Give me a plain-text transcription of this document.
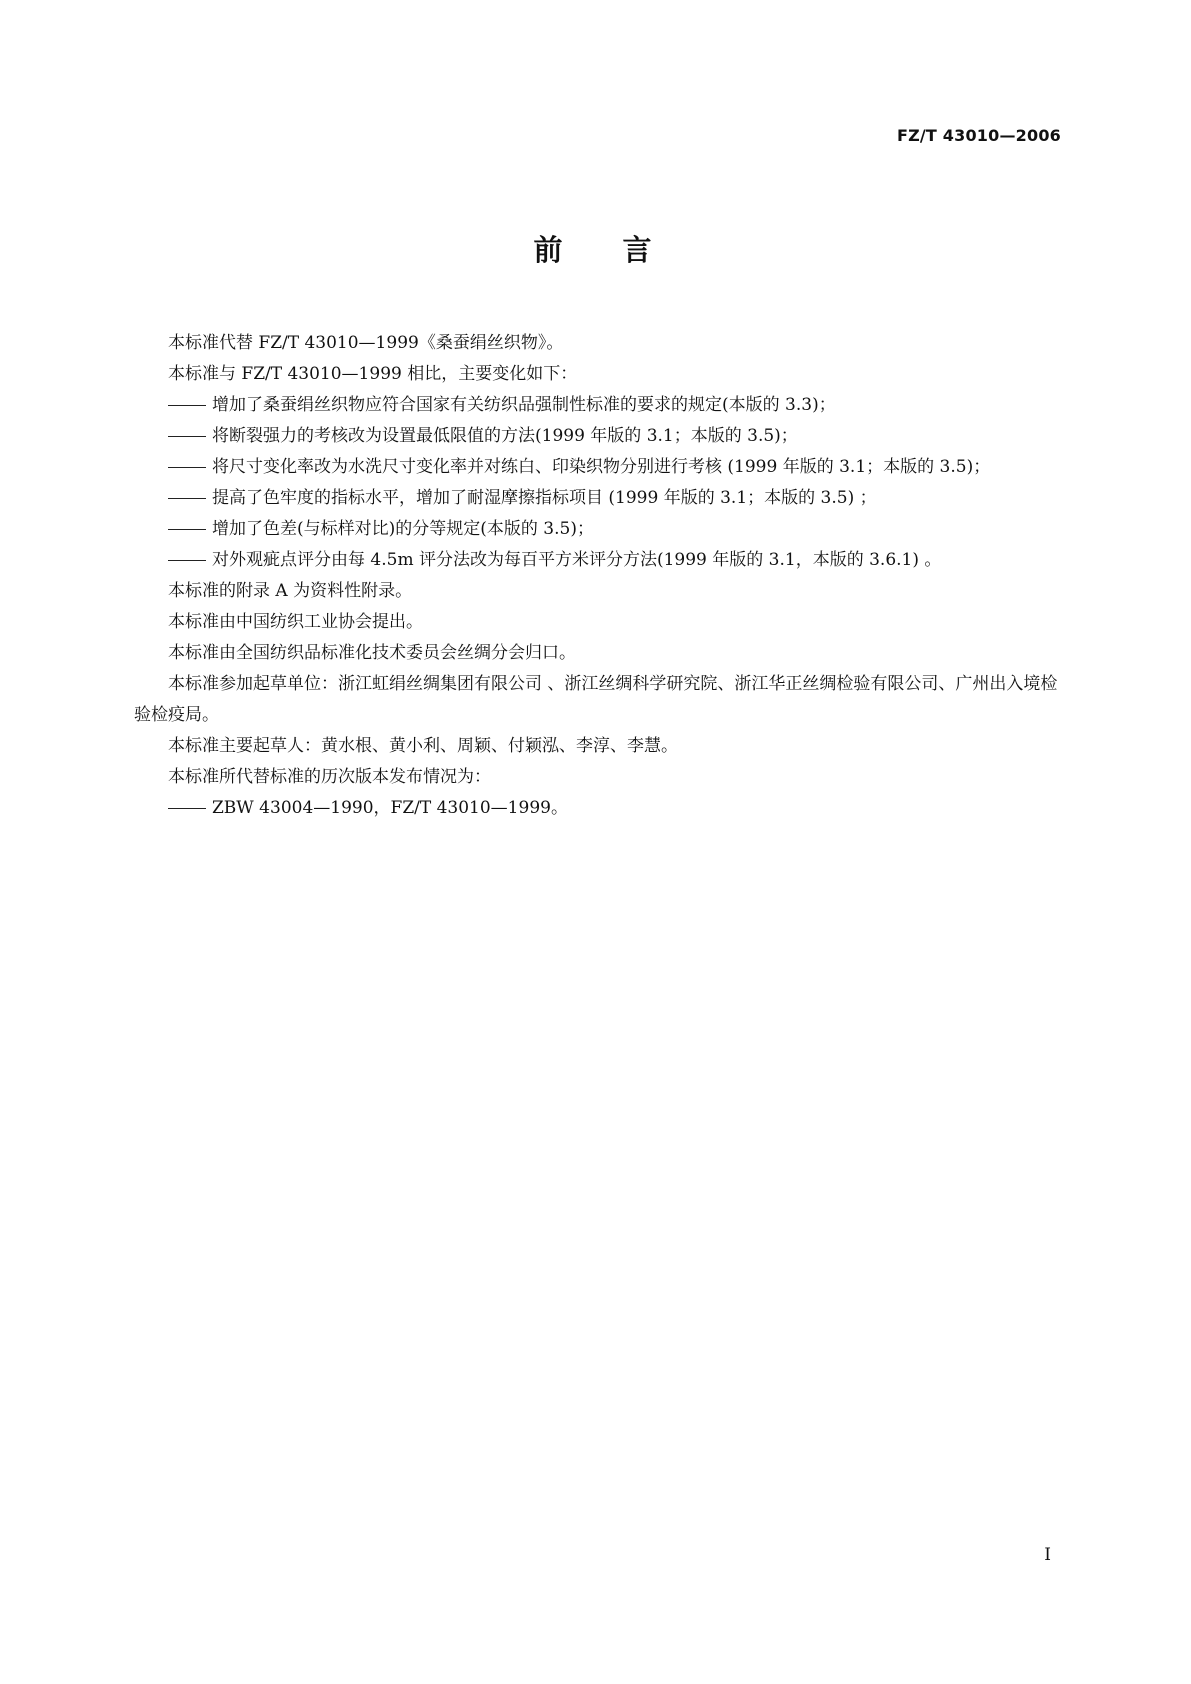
FZ/T 43010—2006
前 言

本标准代替 FZ/T 43010—1999《桑蚕绢丝织物》。

本标准与 FZ/T 43010—1999 相比，主要变化如下：

增加了桑蚕绢丝织物应符合国家有关纺织品强制性标准的要求的规定(本版的 3.3)；

将断裂强力的考核改为设置最低限值的方法(1999 年版的 3.1；本版的 3.5)；

将尺寸变化率改为水洗尺寸变化率并对练白、印染织物分别进行考核 (1999 年版的 3.1；本版的 3.5)；

提高了色牢度的指标水平，增加了耐湿摩擦指标项目 (1999 年版的 3.1；本版的 3.5) ；

增加了色差(与标样对比)的分等规定(本版的 3.5)；

对外观疵点评分由每 4.5m 评分法改为每百平方米评分方法(1999 年版的 3.1，本版的 3.6.1) 。

本标准的附录 A 为资料性附录。

本标准由中国纺织工业协会提出。

本标准由全国纺织品标准化技术委员会丝绸分会归口。

本标准参加起草单位：浙江虹绢丝绸集团有限公司 、浙江丝绸科学研究院、浙江华正丝绸检验有限公司、广州出入境检验检疫局。

本标准主要起草人：黄水根、黄小利、周颖、付颖泓、李淳、李慧。

本标准所代替标准的历次版本发布情况为：

ZBW 43004—1990，FZ/T 43010—1999。

I
